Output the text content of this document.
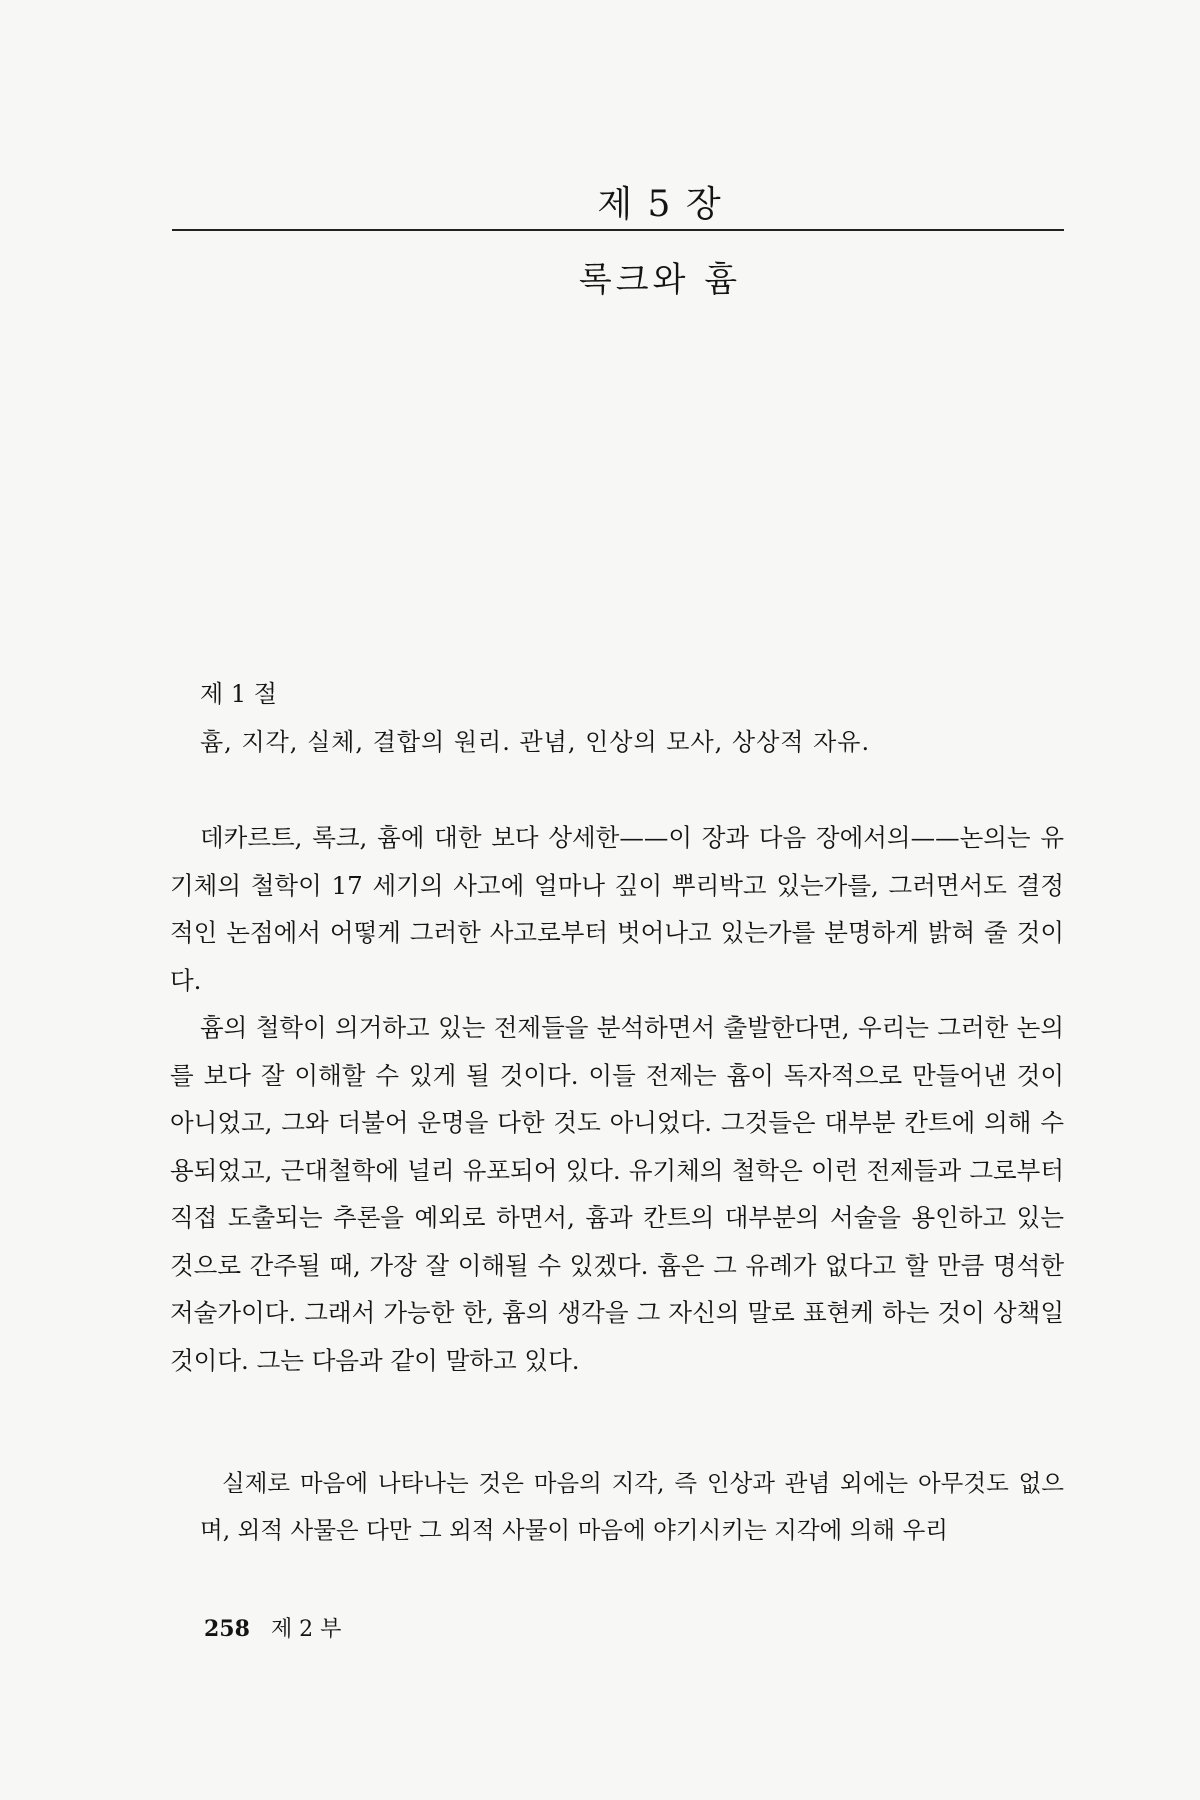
제 5 장
록크와 흄
제 1 절
흄, 지각, 실체, 결합의 원리. 관념, 인상의 모사, 상상적 자유.

데카르트, 록크, 흄에 대한 보다 상세한——이 장과 다음 장에서의——논의는 유기체의 철학이 17 세기의 사고에 얼마나 깊이 뿌리박고 있는가를, 그러면서도 결정적인 논점에서 어떻게 그러한 사고로부터 벗어나고 있는가를 분명하게 밝혀 줄 것이다.

흄의 철학이 의거하고 있는 전제들을 분석하면서 출발한다면, 우리는 그러한 논의를 보다 잘 이해할 수 있게 될 것이다. 이들 전제는 흄이 독자적으로 만들어낸 것이 아니었고, 그와 더불어 운명을 다한 것도 아니었다. 그것들은 대부분 칸트에 의해 수용되었고, 근대철학에 널리 유포되어 있다. 유기체의 철학은 이런 전제들과 그로부터 직접 도출되는 추론을 예외로 하면서, 흄과 칸트의 대부분의 서술을 용인하고 있는 것으로 간주될 때, 가장 잘 이해될 수 있겠다. 흄은 그 유례가 없다고 할 만큼 명석한 저술가이다. 그래서 가능한 한, 흄의 생각을 그 자신의 말로 표현케 하는 것이 상책일 것이다. 그는 다음과 같이 말하고 있다.

실제로 마음에 나타나는 것은 마음의 지각, 즉 인상과 관념 외에는 아무것도 없으며, 외적 사물은 다만 그 외적 사물이 마음에 야기시키는 지각에 의해 우리

258 제 2 부
